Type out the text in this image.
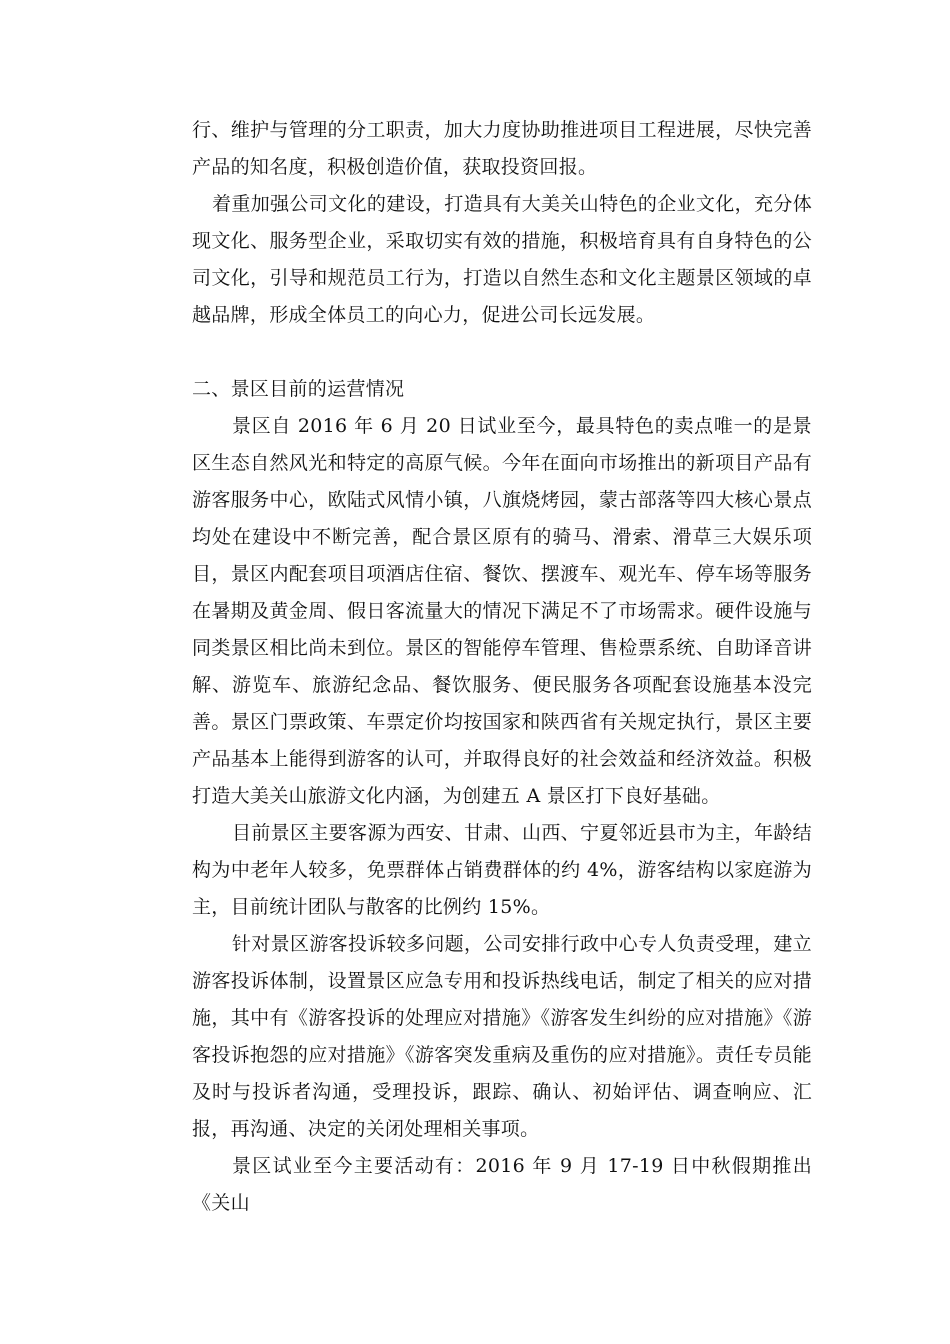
行、维护与管理的分工职责，加大力度协助推进项目工程进展，尽快完善产品的知名度，积极创造价值，获取投资回报。

着重加强公司文化的建设，打造具有大美关山特色的企业文化，充分体现文化、服务型企业，采取切实有效的措施，积极培育具有自身特色的公司文化，引导和规范员工行为，打造以自然生态和文化主题景区领域的卓越品牌，形成全体员工的向心力，促进公司长远发展。

二、景区目前的运营情况

景区自 2016 年 6 月 20 日试业至今，最具特色的卖点唯一的是景区生态自然风光和特定的高原气候。今年在面向市场推出的新项目产品有游客服务中心，欧陆式风情小镇，八旗烧烤园，蒙古部落等四大核心景点均处在建设中不断完善，配合景区原有的骑马、滑索、滑草三大娱乐项目，景区内配套项目项酒店住宿、餐饮、摆渡车、观光车、停车场等服务在暑期及黄金周、假日客流量大的情况下满足不了市场需求。硬件设施与同类景区相比尚未到位。景区的智能停车管理、售检票系统、自助译音讲解、游览车、旅游纪念品、餐饮服务、便民服务各项配套设施基本没完善。景区门票政策、车票定价均按国家和陕西省有关规定执行，景区主要产品基本上能得到游客的认可，并取得良好的社会效益和经济效益。积极打造大美关山旅游文化内涵，为创建五 A 景区打下良好基础。

目前景区主要客源为西安、甘肃、山西、宁夏邻近县市为主，年龄结构为中老年人较多，免票群体占销费群体的约 4%，游客结构以家庭游为主，目前统计团队与散客的比例约 15%。

针对景区游客投诉较多问题，公司安排行政中心专人负责受理，建立游客投诉体制，设置景区应急专用和投诉热线电话，制定了相关的应对措施，其中有《游客投诉的处理应对措施》《游客发生纠纷的应对措施》《游客投诉抱怨的应对措施》《游客突发重病及重伤的应对措施》。责任专员能及时与投诉者沟通，受理投诉，跟踪、确认、初始评估、调查响应、汇报，再沟通、决定的关闭处理相关事项。

景区试业至今主要活动有：2016 年 9 月 17-19 日中秋假期推出《关山
